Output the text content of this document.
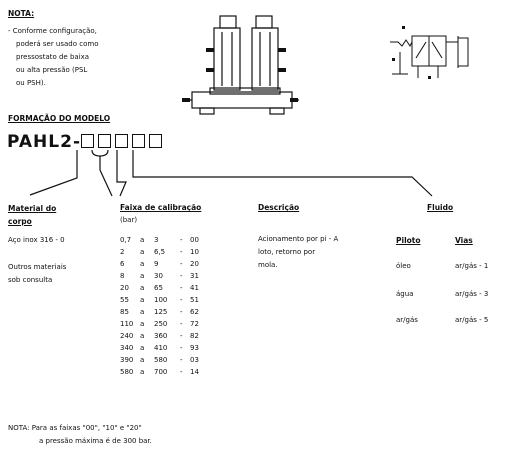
NOTA:
- Conforme configuração,
poderá ser usado como
pressostato de baixa
ou alta pressão (PSL
ou PSH).
FORMAÇÃO DO MODELO
PAHL2-
Material do
corpo
Aço inox 316 - 0
Outros materiais
sob consulta
Faixa de calibração
(bar)
0,7 a 3	- 00
2 a 6,5 - 10
6 a 9	- 20
8 a 30 - 31
20 a 65 - 41
55 a 100 - 51
85 a 125 - 62
110 a 250 - 72
240 a 360 - 82
340 a 410 - 93
390 a 580 - 03
580 a 700 - 14
Descrição
Acionamento por pi - A
loto, retorno por
mola.
Fluido
Piloto	Vias
óleo	ar/gás - 1
água	ar/gás - 3
ar/gás	ar/gás - 5
NOTA: Para as faixas "00", "10" e "20"
a pressão máxima é de 300 bar.
